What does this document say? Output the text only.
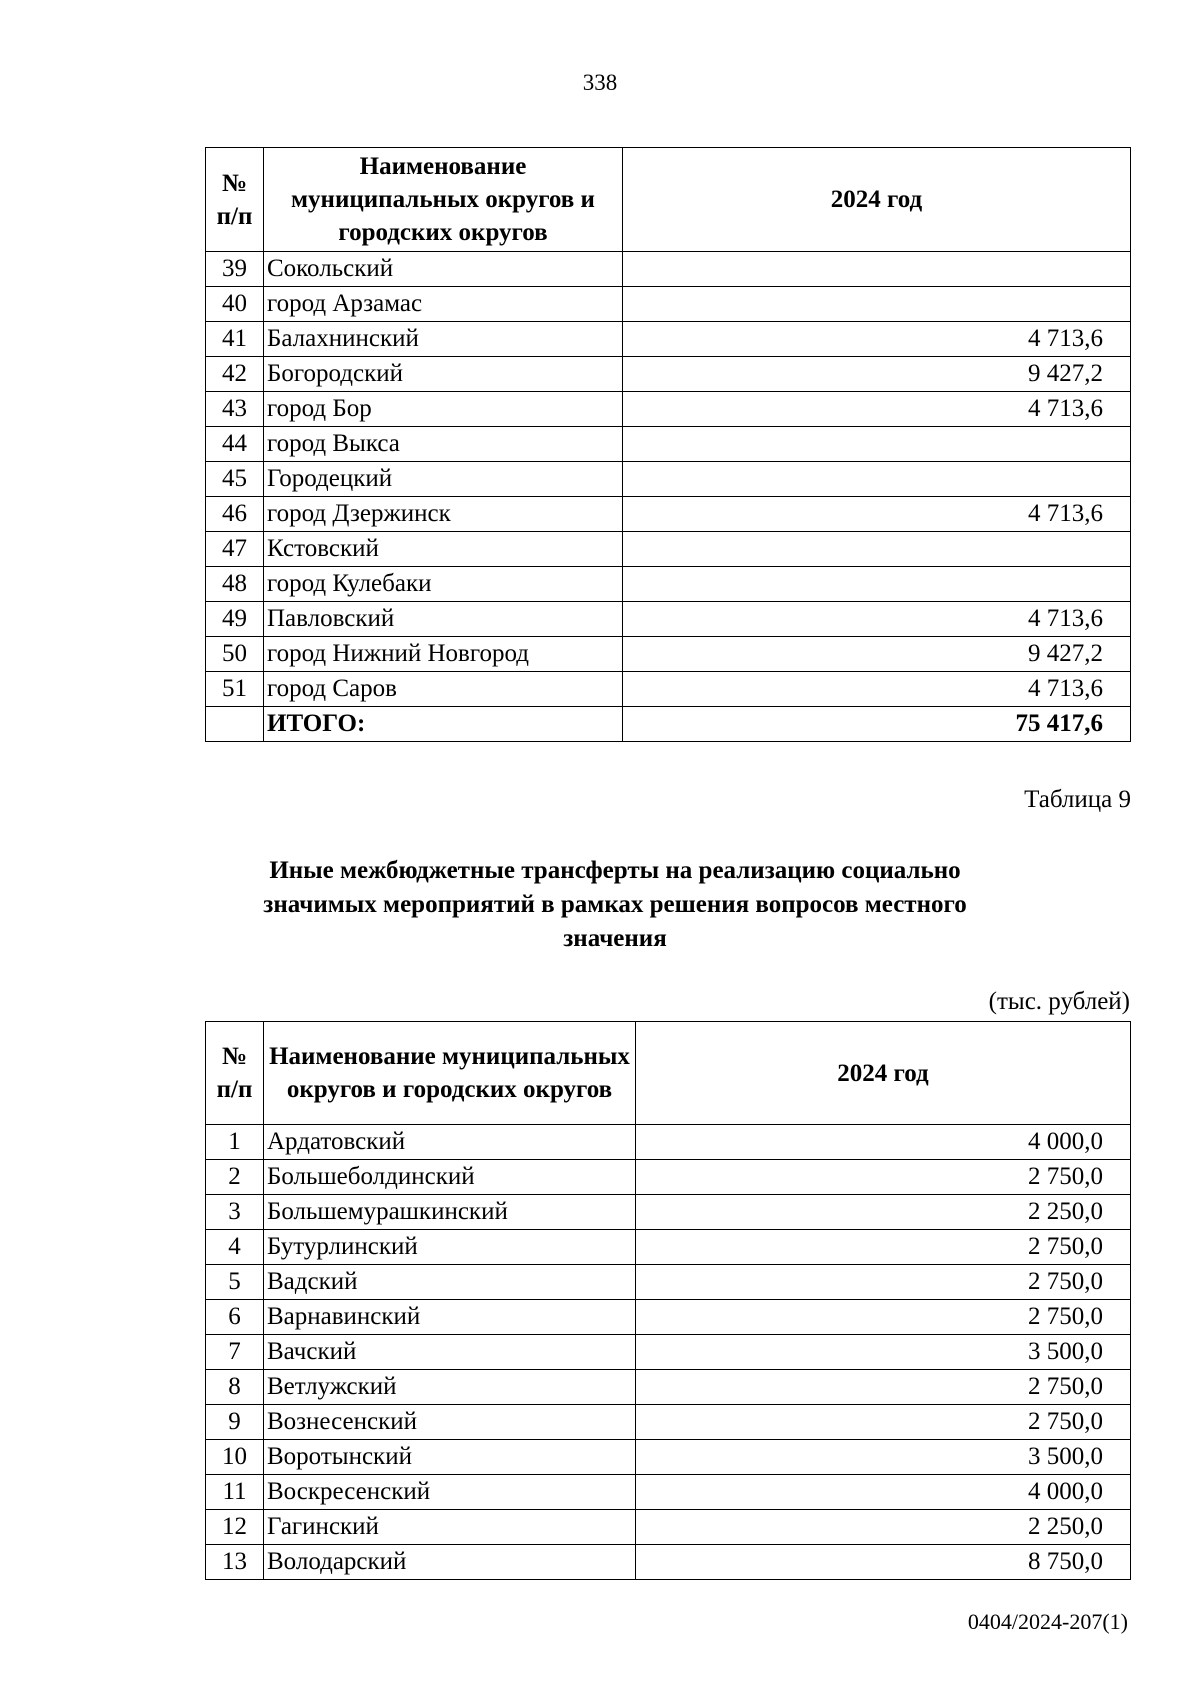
338
№ п/п	Наименование муниципальных округов и городских округов	2024 год
39	Сокольский	
40	город Арзамас	
41	Балахнинский	4 713,6
42	Богородский	9 427,2
43	город Бор	4 713,6
44	город Выкса	
45	Городецкий	
46	город Дзержинск	4 713,6
47	Кстовский	
48	город Кулебаки	
49	Павловский	4 713,6
50	город Нижний Новгород	9 427,2
51	город Саров	4 713,6
	ИТОГО:	75 417,6
Таблица 9
Иные межбюджетные трансферты на реализацию социально значимых мероприятий в рамках решения вопросов местного значения
(тыс. рублей)
№ п/п	Наименование муниципальных округов и городских округов	2024 год
1	Ардатовский	4 000,0
2	Большеболдинский	2 750,0
3	Большемурашкинский	2 250,0
4	Бутурлинский	2 750,0
5	Вадский	2 750,0
6	Варнавинский	2 750,0
7	Вачский	3 500,0
8	Ветлужский	2 750,0
9	Вознесенский	2 750,0
10	Воротынский	3 500,0
11	Воскресенский	4 000,0
12	Гагинский	2 250,0
13	Володарский	8 750,0
0404/2024-207(1)
